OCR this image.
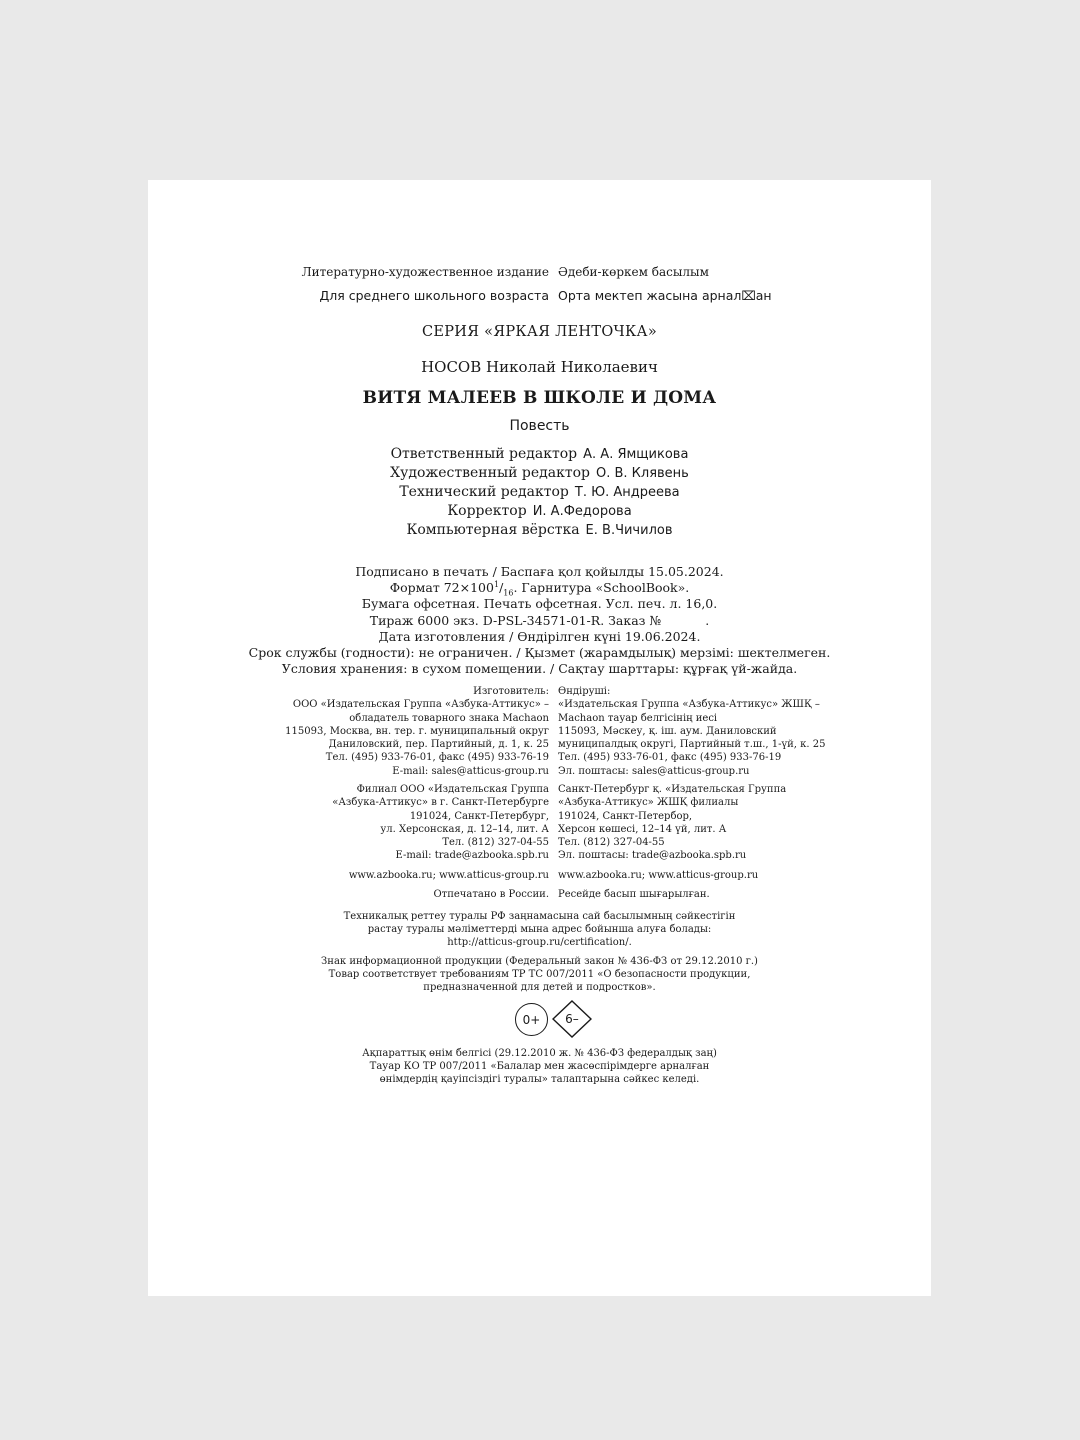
Литературно-художественное издание Әдеби-көркем басылым
Для среднего школьного возраста Орта мектеп жасына арнал⌧ан
СЕРИЯ «ЯРКАЯ ЛЕНТОЧКА»
НОСОВ Николай Николаевич
ВИТЯ МАЛЕЕВ В ШКОЛЕ И ДОМА
Повесть
Ответственный редактор А. А. Ямщикова
Художественный редактор О. В. Клявень
Технический редактор Т. Ю. Андреева
Корректор И. А.Федорова
Компьютерная вёрстка Е. В.Чичилов
Подписано в печать / Баспаға қол қойылды 15.05.2024.
Формат $72\times 100^1/_{16}$. Гарнитура «SchoolBook».
Бумага офсетная. Печать офсетная. Усл. печ. л. 16,0.
Тираж 6000 экз. D-PSL-34571-01-R. Заказ №	.
Дата изготовления / Өндірілген күні 19.06.2024.
Срок службы (годности): не ограничен. / Қызмет (жарамдылық) мерзімі: шектелмеген.
Условия хранения: в сухом помещении. / Сақтау шарттары: құрғақ үй-жайда.
Изготовитель:
ООО «Издательская Группа «Азбука-Аттикус» –
обладатель товарного знака Machaon
115093, Москва, вн. тер. г. муниципальный округ
Даниловский, пер. Партийный, д. 1, к. 25
Тел. (495) 933-76-01, факс (495) 933-76-19
E-mail: sales@atticus-group.ru
Өндіруші:
«Издательская Группа «Азбука-Аттикус» ЖШҚ –
Machaon тауар белгісінің иесі
115093, Мәскеу, қ. іш. аум. Даниловский
муниципалдық округі, Партийный т.ш., 1-үй, к. 25
Тел. (495) 933-76-01, факс (495) 933-76-19
Эл. поштасы: sales@atticus-group.ru
Филиал ООО «Издательская Группа
«Азбука-Аттикус» в г. Санкт-Петербурге
191024, Санкт-Петербург,
ул. Херсонская, д. 12–14, лит. А
Тел. (812) 327-04-55
E-mail: trade@azbooka.spb.ru
Санкт-Петербург қ. «Издательская Группа
«Азбука-Аттикус» ЖШҚ филиалы
191024, Санкт-Петербор,
Херсон көшесі, 12–14 үй, лит. А
Тел. (812) 327-04-55
Эл. поштасы: trade@azbooka.spb.ru
www.azbooka.ru; www.atticus-group.ru www.azbooka.ru; www.atticus-group.ru
Отпечатано в России. Ресейде басып шығарылған.
Техникалық реттеу туралы РФ заңнамасына сай басылымның сәйкестігін
растау туралы мәліметтерді мына адрес бойынша алуға болады:
http://atticus-group.ru/certification/.
Знак информационной продукции (Федеральный закон № 436-ФЗ от 29.12.2010 г.)
Товар соответствует требованиям ТР ТС 007/2011 «О безопасности продукции,
предназначенной для детей и подростков».
0+	6–
Ақпараттық өнім белгісі (29.12.2010 ж. № 436-ФЗ федералдық заң)
Тауар КО ТР 007/2011 «Балалар мен жасөспірімдерге арналған
өнімдердің қауіпсіздігі туралы» талаптарына сәйкес келеді.
